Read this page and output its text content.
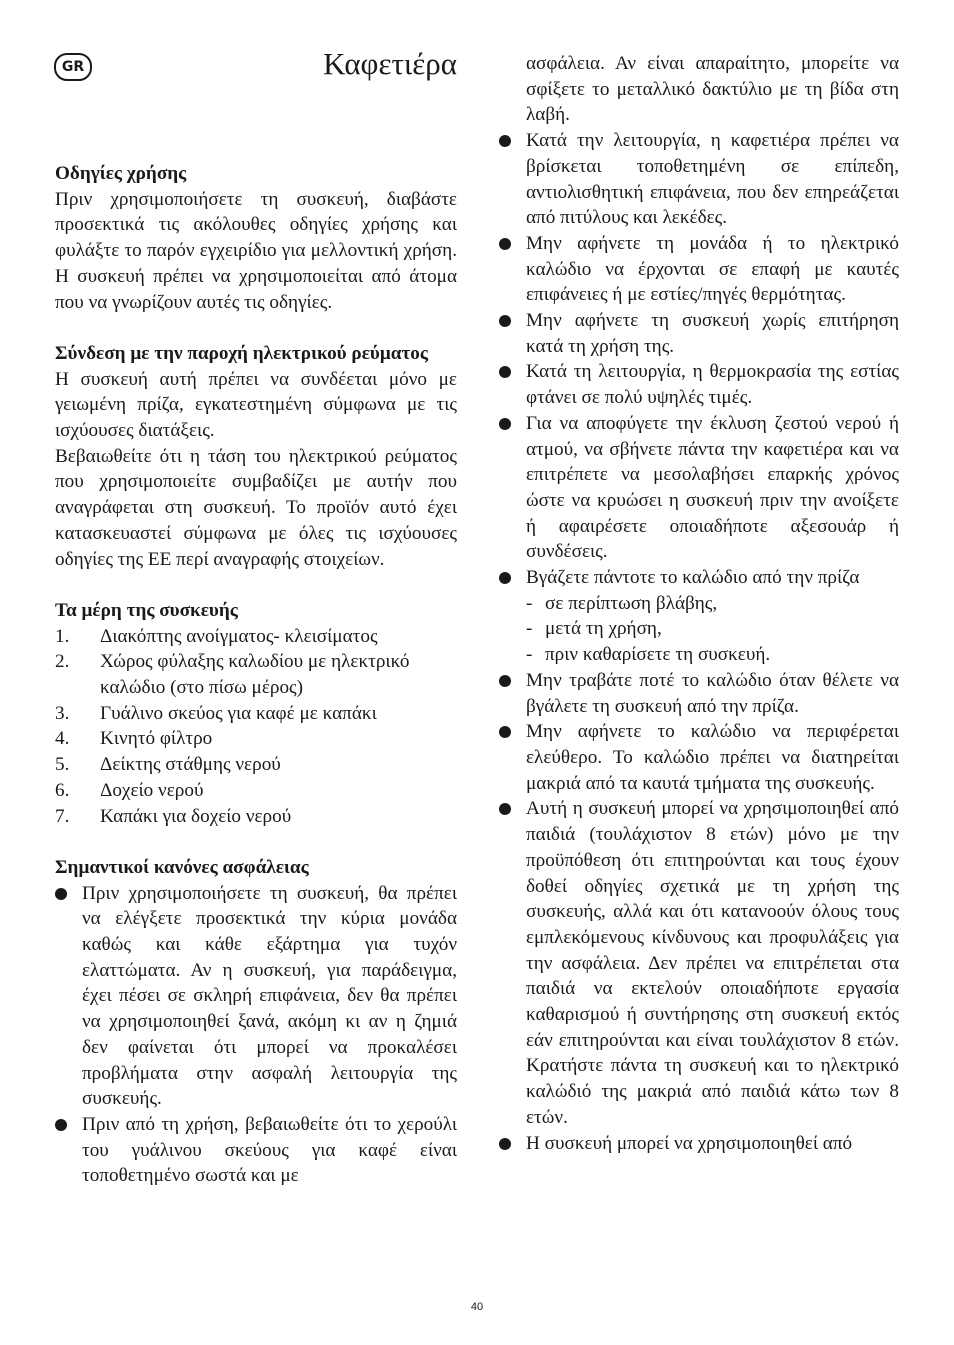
GR	Καφετιέρα
Οδηγίες χρήσης

Πριν χρησιμοποιήσετε τη συσκευή, διαβάστε προσεκτικά τις ακόλουθες οδηγίες χρήσης και φυλάξτε το παρόν εγχειρίδιο για μελλοντική χρήση. Η συσκευή πρέπει να χρησιμοποιείται από άτομα που να γνωρίζουν αυτές τις οδηγίες.

Σύνδεση με την παροχή ηλεκτρικού ρεύματος

Η συσκευή αυτή πρέπει να συνδέεται μόνο με γειωμένη πρίζα, εγκατεστημένη σύμφωνα με τις ισχύουσες διατάξεις.

Βεβαιωθείτε ότι η τάση του ηλεκτρικού ρεύματος που χρησιμοποιείτε συμβαδίζει με αυτήν που αναγράφεται στη συσκευή. Το προϊόν αυτό έχει κατασκευαστεί σύμφωνα με όλες τις ισχύουσες οδηγίες της ΕΕ περί αναγραφής στοιχείων.

Τα μέρη της συσκευής
1. Διακόπτης ανοίγματος- κλεισίματος
2. Χώρος φύλαξης καλωδίου με ηλεκτρικό καλώδιο (στο πίσω μέρος)
3. Γυάλινο σκεύος για καφέ με καπάκι
4. Κινητό φίλτρο
5. Δείκτης στάθμης νερού
6. Δοχείο νερού
7. Καπάκι για δοχείο νερού
Σημαντικοί κανόνες ασφάλειας
Πριν χρησιμοποιήσετε τη συσκευή, θα πρέπει να ελέγξετε προσεκτικά την κύρια μονάδα καθώς και κάθε εξάρτημα για τυχόν ελαττώματα. Αν η συσκευή, για παράδειγμα, έχει πέσει σε σκληρή επιφάνεια, δεν θα πρέπει να χρησιμοποιηθεί ξανά, ακόμη κι αν η ζημιά δεν φαίνεται ότι μπορεί να προκαλέσει προβλήματα στην ασφαλή λειτουργία της συσκευής.
Πριν από τη χρήση, βεβαιωθείτε ότι το χερούλι του γυάλινου σκεύους για καφέ είναι τοποθετημένο σωστά και με

ασφάλεια. Αν είναι απαραίτητο, μπορείτε να σφίξετε το μεταλλικό δακτύλιο με τη βίδα στη λαβή.

Κατά την λειτουργία, η καφετιέρα πρέπει να βρίσκεται τοποθετημένη σε επίπεδη, αντιολισθητική επιφάνεια, που δεν επηρεάζεται από πιτύλους και λεκέδες.
Μην αφήνετε τη μονάδα ή το ηλεκτρικό καλώδιο να έρχονται σε επαφή με καυτές επιφάνειες ή με εστίες/πηγές θερμότητας.
Μην αφήνετε τη συσκευή χωρίς επιτήρηση κατά τη χρήση της.
Κατά τη λειτουργία, η θερμοκρασία της εστίας φτάνει σε πολύ υψηλές τιμές.
Για να αποφύγετε την έκλυση ζεστού νερού ή ατμού, να σβήνετε πάντα την καφετιέρα και να επιτρέπετε να μεσολαβήσει επαρκής χρόνος ώστε να κρυώσει η συσκευή πριν την ανοίξετε ή αφαιρέσετε οποιαδήποτε αξεσουάρ ή συνδέσεις.
Βγάζετε πάντοτε το καλώδιο από την πρίζα
- σε περίπτωση βλάβης,
- μετά τη χρήση,
- πριν καθαρίσετε τη συσκευή.
Μην τραβάτε ποτέ το καλώδιο όταν θέλετε να βγάλετε τη συσκευή από την πρίζα.
Μην αφήνετε το καλώδιο να περιφέρεται ελεύθερο. Το καλώδιο πρέπει να διατηρείται μακριά από τα καυτά τμήματα της συσκευής.
Αυτή η συσκευή μπορεί να χρησιμοποιηθεί από παιδιά (τουλάχιστον 8 ετών) μόνο με την προϋπόθεση ότι επιτηρούνται και τους έχουν δοθεί οδηγίες σχετικά με τη χρήση της συσκευής, αλλά και ότι κατανοούν όλους τους εμπλεκόμενους κίνδυνους και προφυλάξεις για την ασφάλεια. Δεν πρέπει να επιτρέπεται στα παιδιά να εκτελούν οποιαδήποτε εργασία καθαρισμού ή συντήρησης στη συσκευή εκτός εάν επιτηρούνται και είναι τουλάχιστον 8 ετών. Κρατήστε πάντα τη συσκευή και το ηλεκτρικό καλώδιό της μακριά από παιδιά κάτω των 8 ετών.
Η συσκευή μπορεί να χρησιμοποιηθεί από
40
